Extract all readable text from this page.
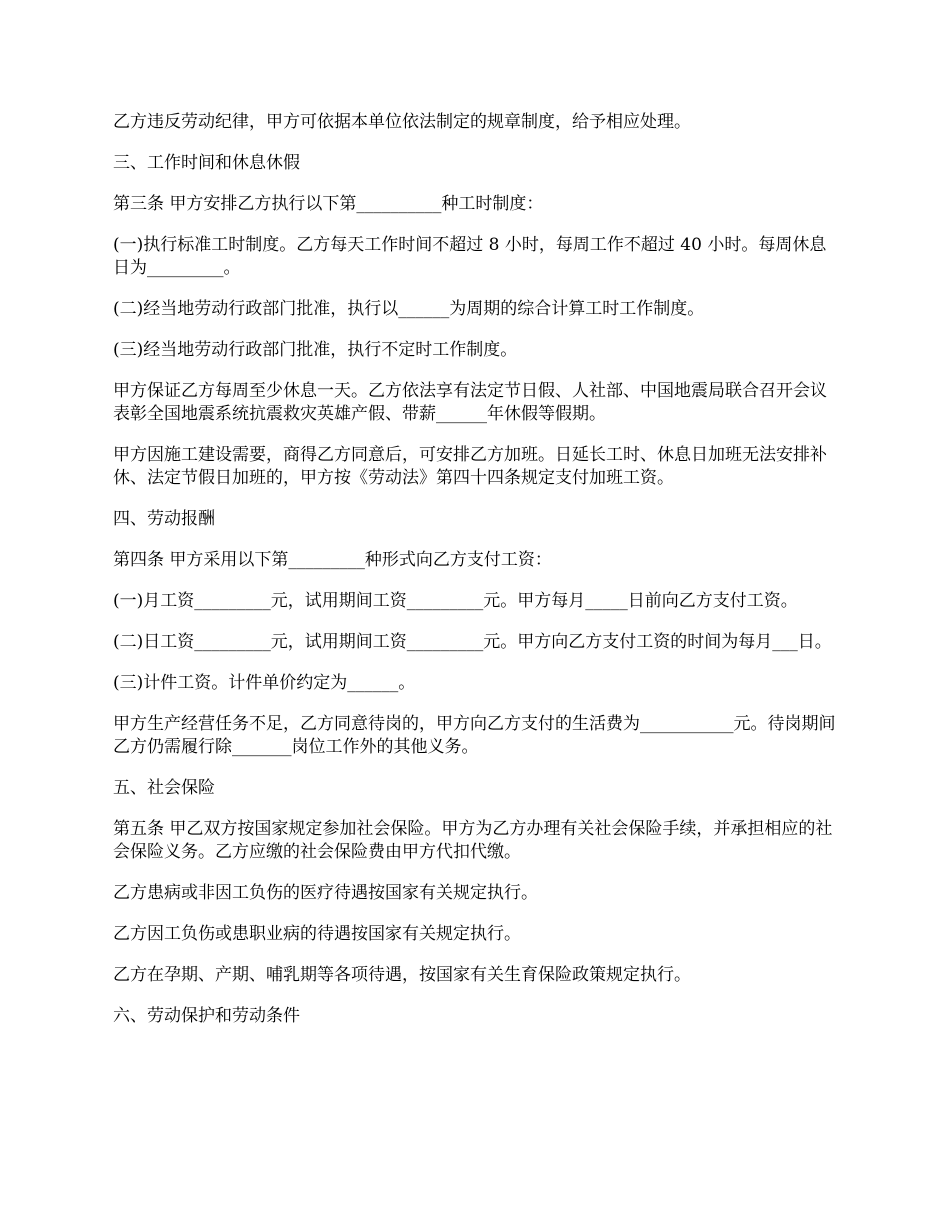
乙方违反劳动纪律，甲方可依据本单位依法制定的规章制度，给予相应处理。

三、工作时间和休息休假

第三条 甲方安排乙方执行以下第__________种工时制度：

(一)执行标准工时制度。乙方每天工作时间不超过 8 小时，每周工作不超过 40 小时。每周休息日为_________。

(二)经当地劳动行政部门批准，执行以______为周期的综合计算工时工作制度。

(三)经当地劳动行政部门批准，执行不定时工作制度。

甲方保证乙方每周至少休息一天。乙方依法享有法定节日假、人社部、中国地震局联合召开会议表彰全国地震系统抗震救灾英雄产假、带薪______年休假等假期。

甲方因施工建设需要，商得乙方同意后，可安排乙方加班。日延长工时、休息日加班无法安排补休、法定节假日加班的，甲方按《劳动法》第四十四条规定支付加班工资。

四、劳动报酬

第四条 甲方采用以下第_________种形式向乙方支付工资：

(一)月工资_________元，试用期间工资_________元。甲方每月_____日前向乙方支付工资。

(二)日工资_________元，试用期间工资_________元。甲方向乙方支付工资的时间为每月___日。

(三)计件工资。计件单价约定为______。

甲方生产经营任务不足，乙方同意待岗的，甲方向乙方支付的生活费为___________元。待岗期间乙方仍需履行除_______岗位工作外的其他义务。

五、社会保险

第五条 甲乙双方按国家规定参加社会保险。甲方为乙方办理有关社会保险手续，并承担相应的社会保险义务。乙方应缴的社会保险费由甲方代扣代缴。

乙方患病或非因工负伤的医疗待遇按国家有关规定执行。

乙方因工负伤或患职业病的待遇按国家有关规定执行。

乙方在孕期、产期、哺乳期等各项待遇，按国家有关生育保险政策规定执行。

六、劳动保护和劳动条件
